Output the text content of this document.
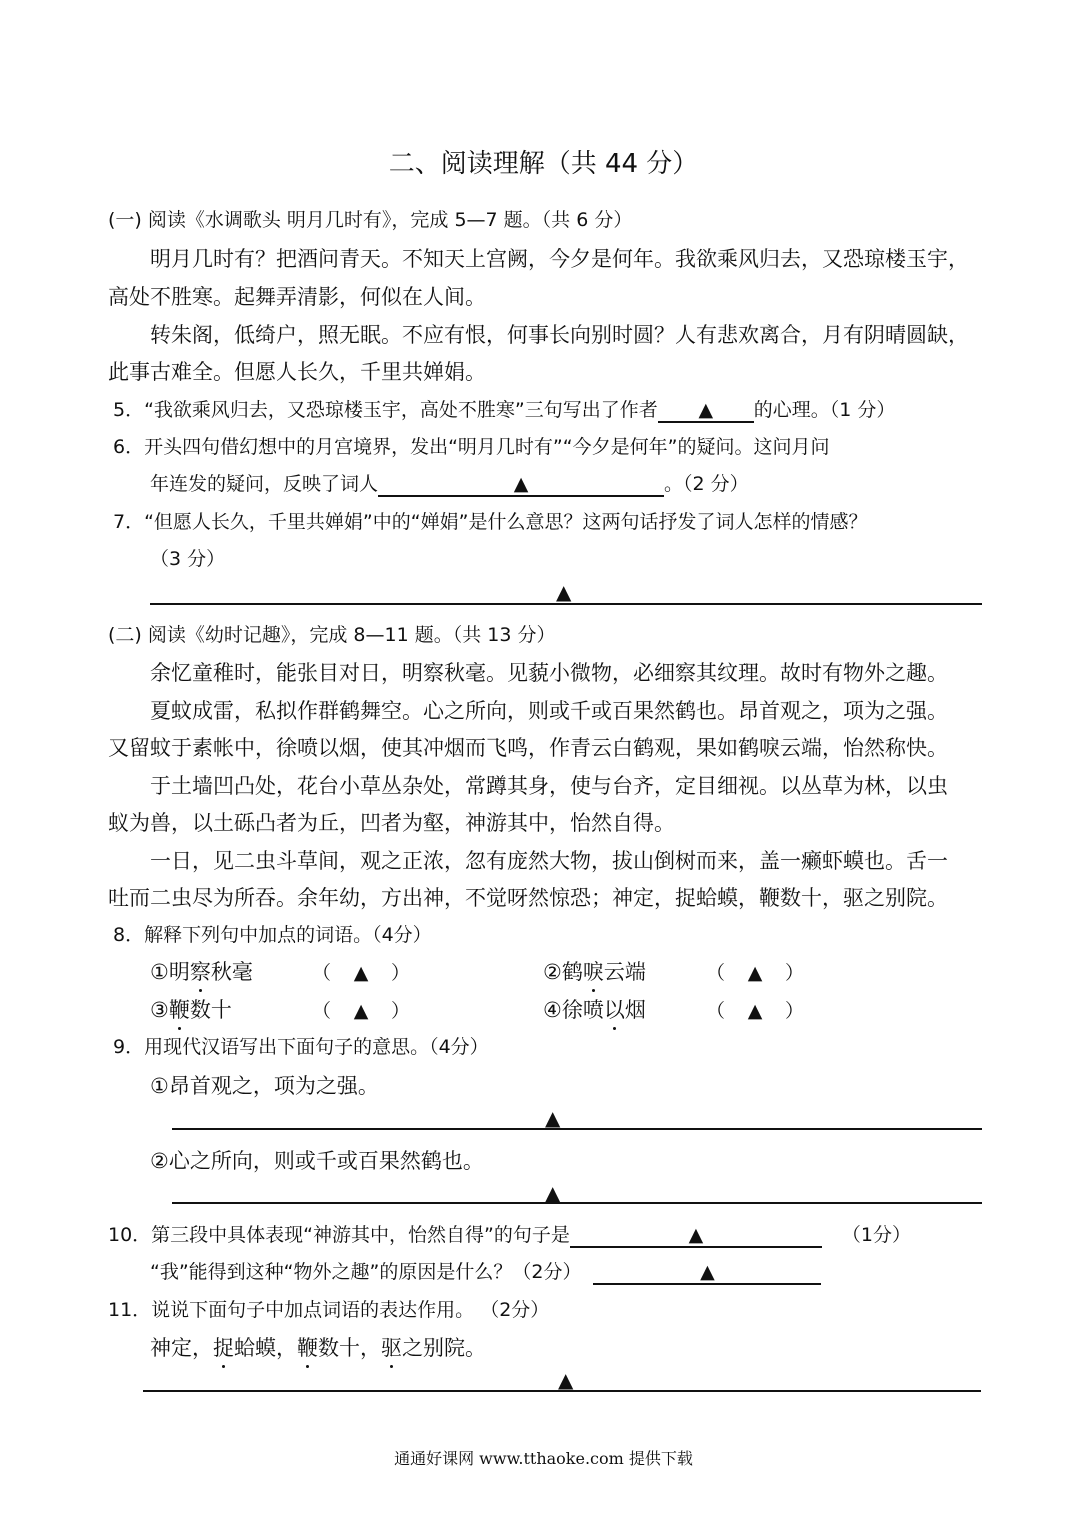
二、阅读理解（共 44 分）
(一) 阅读《水调歌头 明月几时有》，完成 5—7 题。（共 6 分）
明月几时有？把酒问青天。不知天上宫阙，今夕是何年。我欲乘风归去，又恐琼楼玉宇，
高处不胜寒。起舞弄清影，何似在人间。
转朱阁，低绮户，照无眠。不应有恨，何事长向别时圆？人有悲欢离合，月有阴晴圆缺，
此事古难全。但愿人长久，千里共婵娟。
5．“我欲乘风归去，又恐琼楼玉宇，高处不胜寒”三句写出了作者 ▲ 的心理。（1 分）
6．开头四句借幻想中的月宫境界，发出“明月几时有”“今夕是何年”的疑问。这问月问
年连发的疑问，反映了词人	▲	。（2 分）
7．“但愿人长久，千里共婵娟”中的“婵娟”是什么意思？这两句话抒发了词人怎样的情感？
（3 分）
▲
(二) 阅读《幼时记趣》，完成 8—11 题。（共 13 分）
余忆童稚时，能张目对日，明察秋毫。见藐小微物，必细察其纹理。故时有物外之趣。
夏蚊成雷，私拟作群鹤舞空。心之所向，则或千或百果然鹤也。昂首观之，项为之强。
又留蚊于素帐中，徐喷以烟，使其冲烟而飞鸣，作青云白鹤观，果如鹤唳云端，怡然称快。
于土墙凹凸处，花台小草丛杂处，常蹲其身，使与台齐，定目细视。以丛草为林，以虫
蚁为兽，以土砾凸者为丘，凹者为壑，神游其中，怡然自得。
一日，见二虫斗草间，观之正浓，忽有庞然大物，拔山倒树而来，盖一癞虾蟆也。舌一
吐而二虫尽为所吞。余年幼，方出神，不觉呀然惊恐；神定，捉蛤蟆，鞭数十，驱之别院。
8．解释下列句中加点的词语。（4分）
①明察秋毫	（ ▲ ）	②鹤唳云端	（ ▲ ）
③鞭数十	（ ▲ ）	④徐喷以烟	（ ▲ ）
9．用现代汉语写出下面句子的意思。（4分）
①昂首观之，项为之强。
▲
②心之所向，则或千或百果然鹤也。
▲
10．第三段中具体表现“神游其中，怡然自得”的句子是	▲	（1分）
“我”能得到这种“物外之趣”的原因是什么？（2分）	▲
11．说说下面句子中加点词语的表达作用。 （2分）
神定，捉蛤蟆，鞭数十，驱之别院。
▲
通通好课网 www.tthaoke.com 提供下载
